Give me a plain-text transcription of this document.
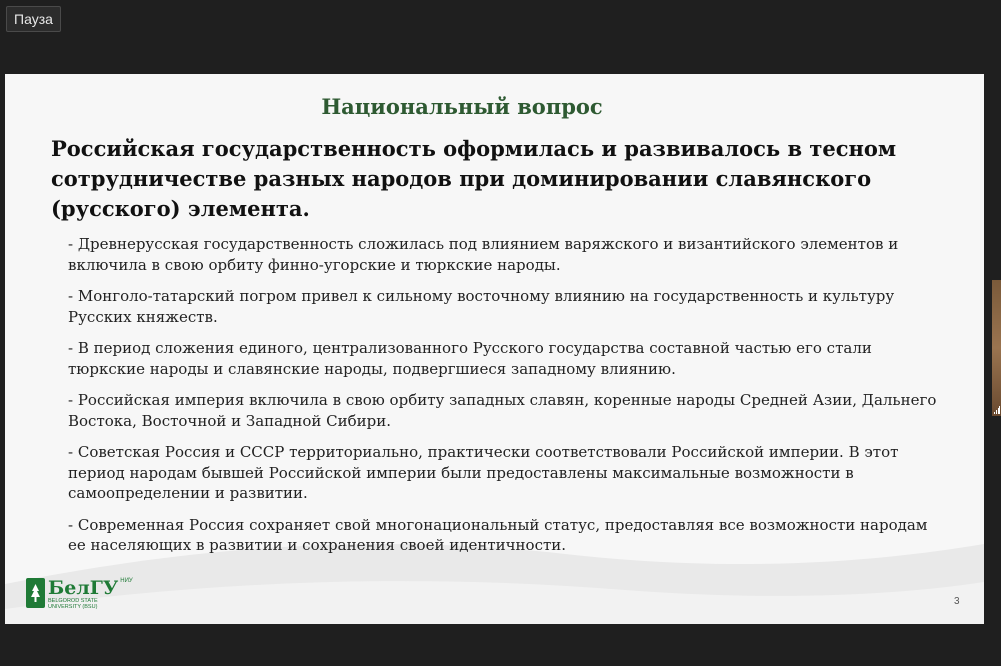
Пауза
Национальный вопрос
Российская государственность оформилась и развивалось в тесном сотрудничестве разных народов при доминировании славянского (русского) элемента.
- Древнерусская государственность сложилась под влиянием варяжского и византийского элементов и включила в свою орбиту финно-угорские и тюркские народы.
- Монголо-татарский погром привел к сильному восточному влиянию на государственность и культуру Русских княжеств.
- В период сложения единого, централизованного Русского государства составной частью его стали тюркские народы и славянские народы, подвергшиеся западному влиянию.
- Российская империя включила в свою орбиту западных славян, коренные народы Средней Азии, Дальнего Востока, Восточной и Западной Сибири.
- Советская Россия и СССР территориально, практически соответствовали Российской империи. В этот период народам бывшей Российской империи были предоставлены максимальные возможности в самоопределении и развитии.
- Современная Россия сохраняет свой многонациональный статус, предоставляя все возможности народам ее населяющих в развитии и сохранения своей идентичности.
БелГУ НИУ
BELGOROD STATE UNIVERSITY (BSU)	3
